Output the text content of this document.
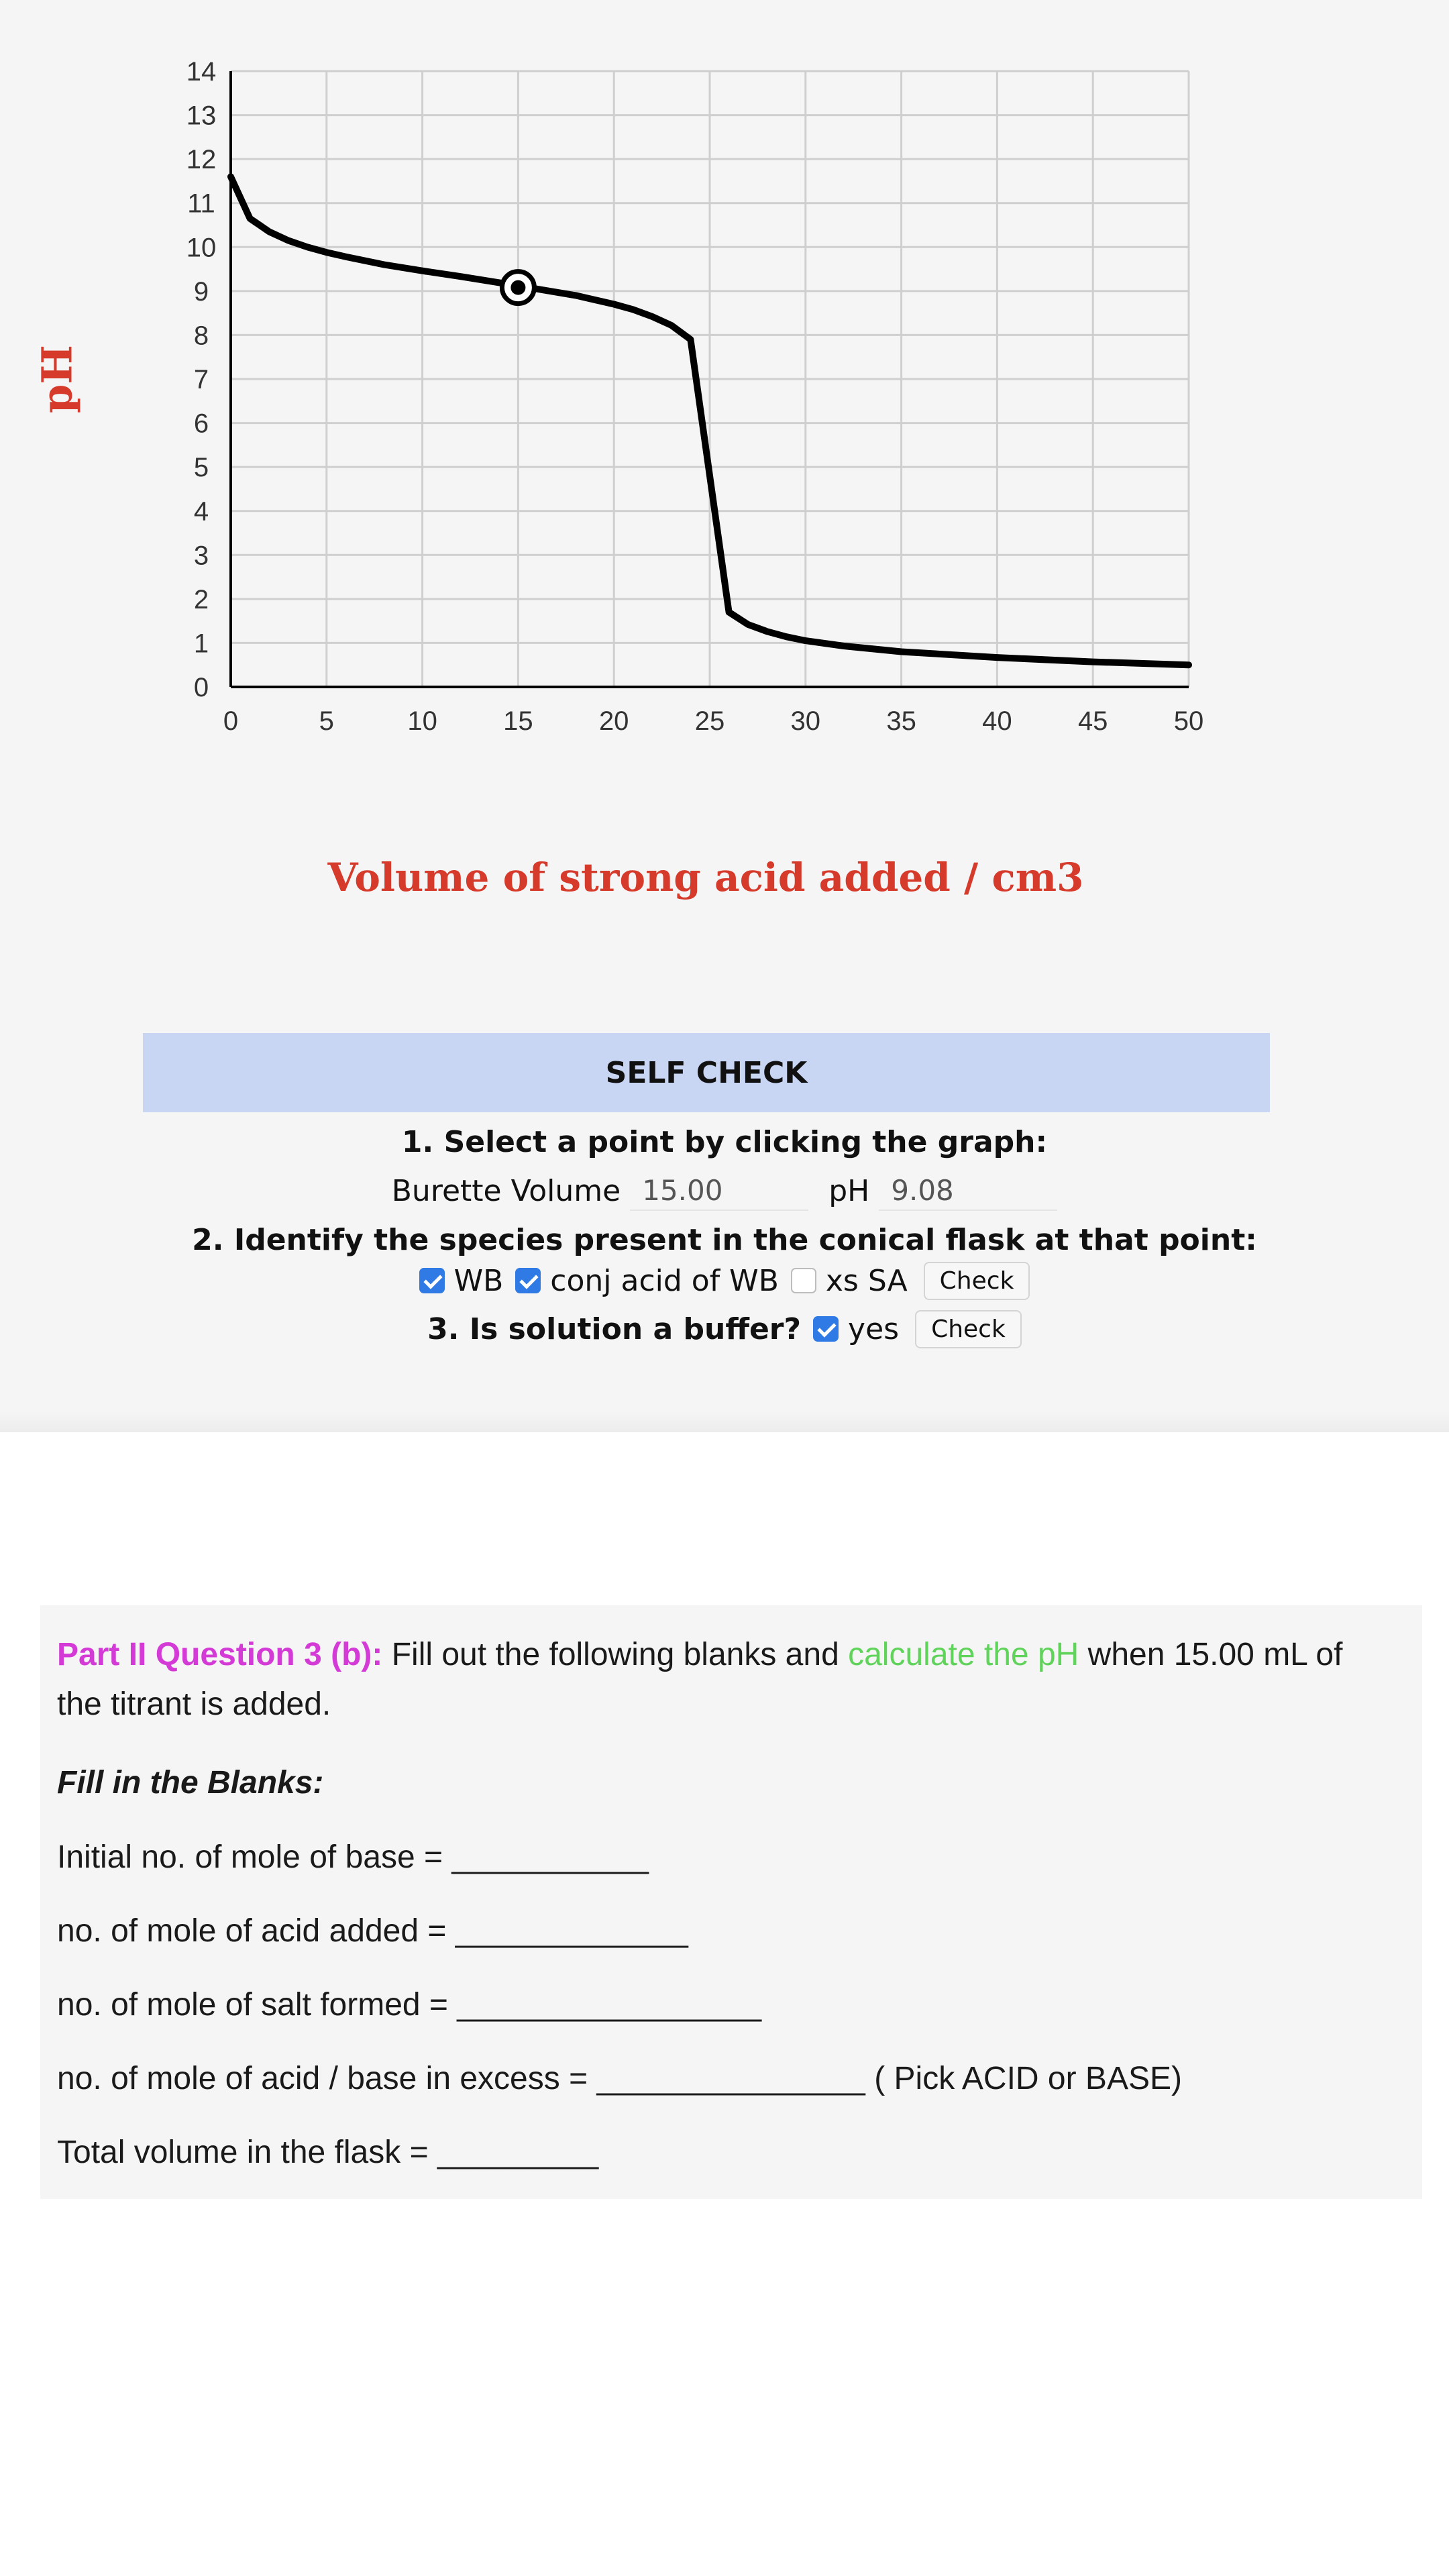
0	5	10 15 20 25 30 35 40 45 50
0
1
2
3
4
5
6
7
8
9
10
11
12
13
14
pH
Volume of strong acid added / cm3
SELF CHECK
1. Select a point by clicking the graph:
Burette Volume 15.00	pH 9.08
2. Identify the species present in the conical flask at that point:
WB conj acid of WB xs SA	Check
3. Is solution a buffer? yes	Check
Part II Question 3 (b): Fill out the following blanks and calculate the pH when 15.00 mL of
the titrant is added.
Fill in the Blanks:
Initial no. of mole of base = ___________
no. of mole of acid added = _____________
no. of mole of salt formed = _________________
no. of mole of acid / base in excess = _______________ ( Pick ACID or BASE)
Total volume in the flask = _________
